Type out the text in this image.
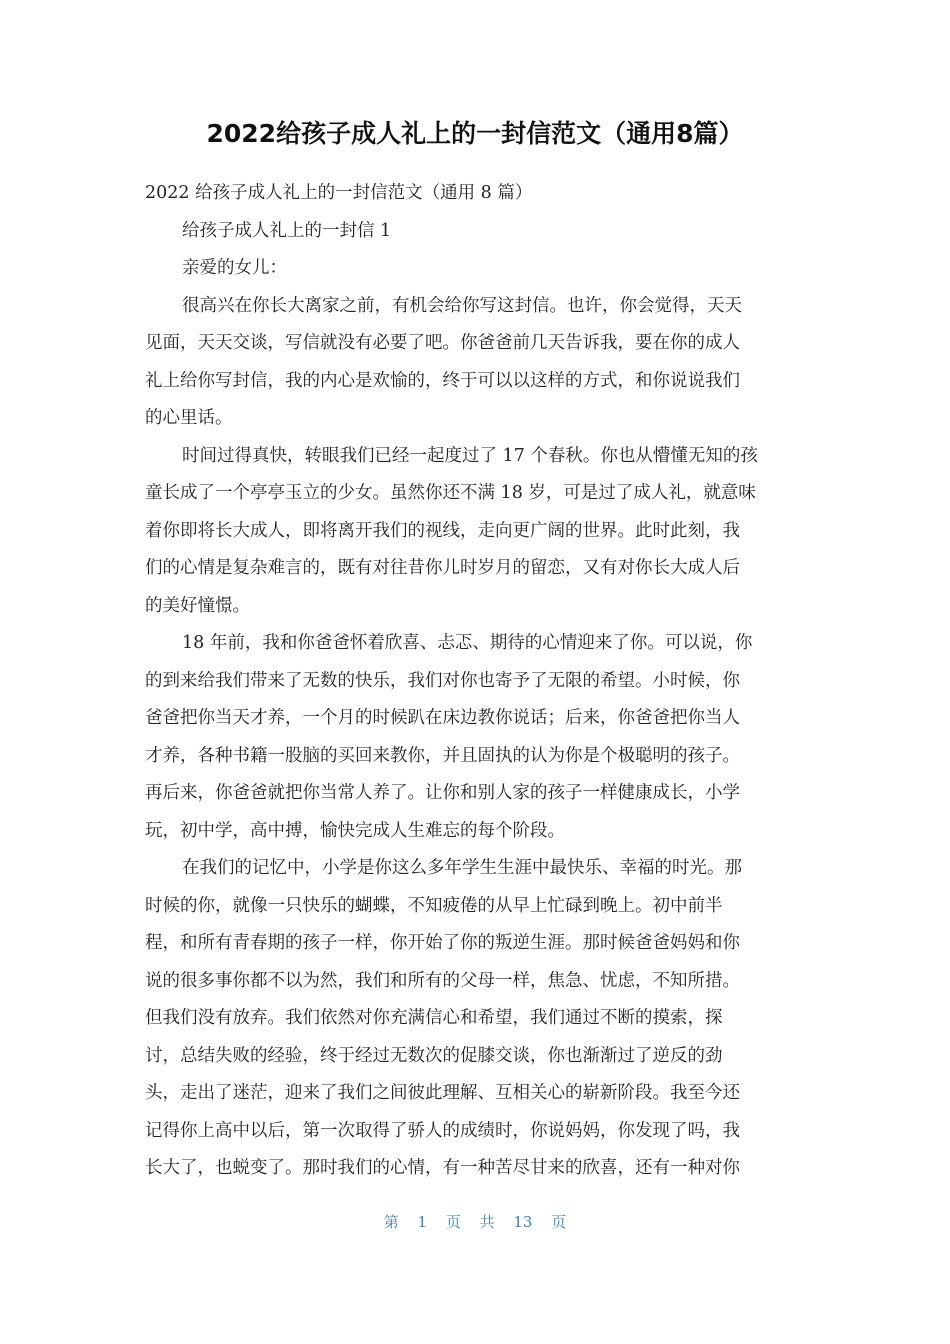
2022给孩子成人礼上的一封信范文（通用8篇）

2022 给孩子成人礼上的一封信范文（通用 8 篇）

给孩子成人礼上的一封信 1

亲爱的女儿：

很高兴在你长大离家之前，有机会给你写这封信。也许，你会觉得，天天

见面，天天交谈，写信就没有必要了吧。你爸爸前几天告诉我，要在你的成人

礼上给你写封信，我的内心是欢愉的，终于可以以这样的方式，和你说说我们

的心里话。

时间过得真快，转眼我们已经一起度过了 17 个春秋。你也从懵懂无知的孩

童长成了一个亭亭玉立的少女。虽然你还不满 18 岁，可是过了成人礼，就意味

着你即将长大成人，即将离开我们的视线，走向更广阔的世界。此时此刻，我

们的心情是复杂难言的，既有对往昔你儿时岁月的留恋，又有对你长大成人后

的美好憧憬。

18 年前，我和你爸爸怀着欣喜、忐忑、期待的心情迎来了你。可以说，你

的到来给我们带来了无数的快乐，我们对你也寄予了无限的希望。小时候，你

爸爸把你当天才养，一个月的时候趴在床边教你说话；后来，你爸爸把你当人

才养，各种书籍一股脑的买回来教你，并且固执的认为你是个极聪明的孩子。

再后来，你爸爸就把你当常人养了。让你和别人家的孩子一样健康成长，小学

玩，初中学，高中搏，愉快完成人生难忘的每个阶段。

在我们的记忆中，小学是你这么多年学生生涯中最快乐、幸福的时光。那

时候的你，就像一只快乐的蝴蝶，不知疲倦的从早上忙碌到晚上。初中前半

程，和所有青春期的孩子一样，你开始了你的叛逆生涯。那时候爸爸妈妈和你

说的很多事你都不以为然，我们和所有的父母一样，焦急、忧虑，不知所措。

但我们没有放弃。我们依然对你充满信心和希望，我们通过不断的摸索，探

讨，总结失败的经验，终于经过无数次的促膝交谈，你也渐渐过了逆反的劲

头，走出了迷茫，迎来了我们之间彼此理解、互相关心的崭新阶段。我至今还

记得你上高中以后，第一次取得了骄人的成绩时，你说妈妈，你发现了吗，我

长大了，也蜕变了。那时我们的心情，有一种苦尽甘来的欣喜，还有一种对你

第 1 页 共 13 页
